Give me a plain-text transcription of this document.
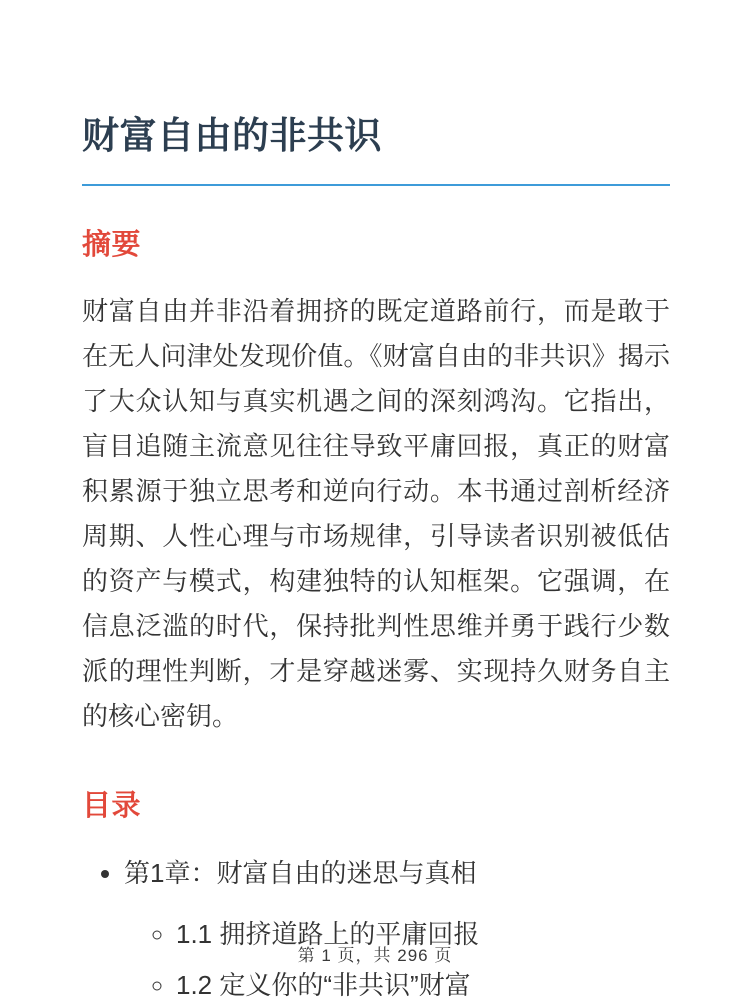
财富自由的非共识
摘要

财富自由并非沿着拥挤的既定道路前行，而是敢于在无人问津处发现价值。《财富自由的非共识》揭示了大众认知与真实机遇之间的深刻鸿沟。它指出，盲目追随主流意见往往导致平庸回报，真正的财富积累源于独立思考和逆向行动。本书通过剖析经济周期、人性心理与市场规律，引导读者识别被低估的资产与模式，构建独特的认知框架。它强调，在信息泛滥的时代，保持批判性思维并勇于践行少数派的理性判断，才是穿越迷雾、实现持久财务自主的核心密钥。

目录
• 第1章：财富自由的迷思与真相
◦ 1.1 拥挤道路上的平庸回报
◦ 1.2 定义你的“非共识”财富
第 1 页，共 296 页
